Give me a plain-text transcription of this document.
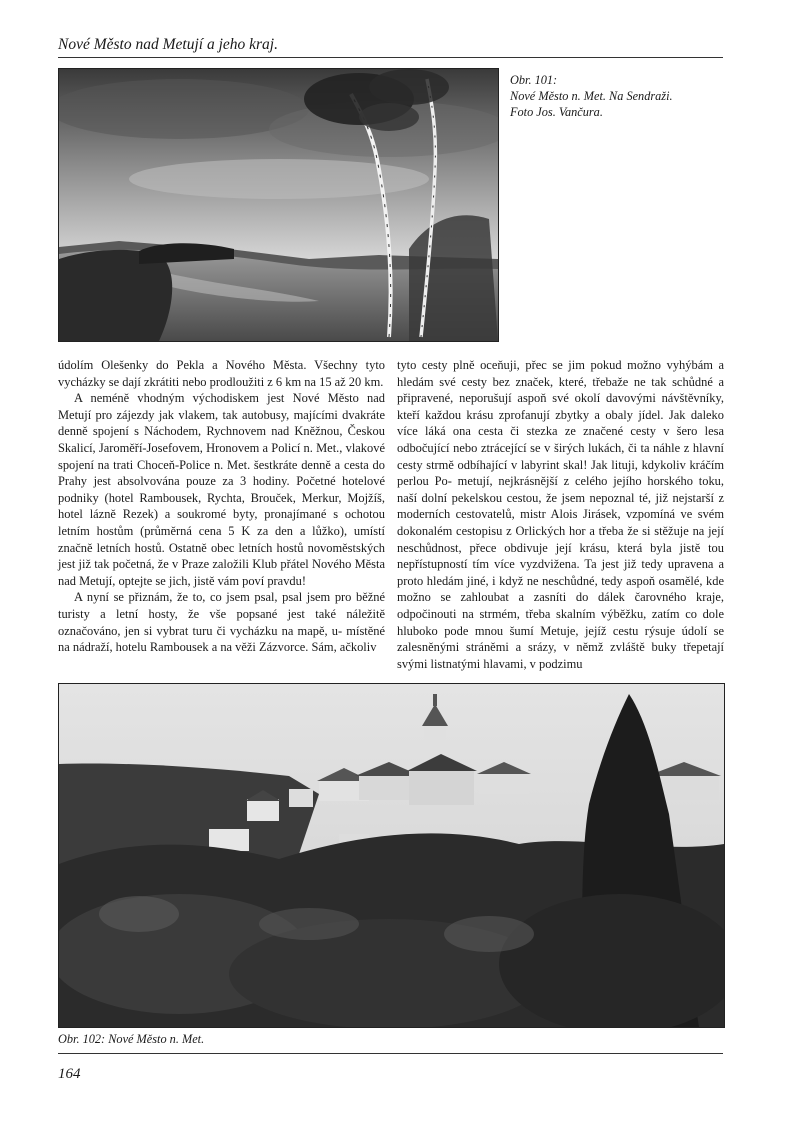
Nové Město nad Metují a jeho kraj.
Obr. 101:
Nové Město n. Met. Na Sendraži.
Foto Jos. Vančura.

údolím Olešenky do Pekla a Nového Města. Všechny tyto vycházky se dají zkrátiti nebo prodloužiti z 6 km na 15 až 20 km.

A neméně vhodným východiskem jest Nové Město nad Metují pro zájezdy jak vlakem, tak autobusy, majícími dvakráte denně spojení s Náchodem, Rychnovem nad Kněžnou, Českou Skalicí, Jaroměří-Josefovem, Hronovem a Policí n. Met., vlakové spojení na trati Choceň-Police n. Met. šestkráte denně a cesta do Prahy jest absolvována pouze za 3 hodiny. Početné hotelové podniky (hotel Rambousek, Rychta, Brouček, Merkur, Mojžíš, hotel lázně Rezek) a soukromé byty, pronajímané s ochotou letním hostům (průměrná cena 5 K za den a lůžko), umístí značně letních hostů. Ostatně obec letních hostů novoměstských jest již tak početná, že v Praze založili Klub přátel Nového Města nad Metují, optejte se jich, jistě vám poví pravdu!

A nyní se přiznám, že to, co jsem psal, psal jsem pro běžné turisty a letní hosty, že vše popsané jest také náležitě označováno, jen si vybrat turu či vycházku na mapě, u- místěné na nádraží, hotelu Rambousek a na věži Zázvorce. Sám, ačkoliv

tyto cesty plně oceňuji, přec se jim pokud možno vyhýbám a hledám své cesty bez značek, které, třebaže ne tak schůdné a připravené, neporušují aspoň své okolí davovými návštěvníky, kteří každou krásu zprofanují zbytky a obaly jídel. Jak daleko více láká ona cesta či stezka ze značené cesty v šero lesa odbočující nebo ztrácející se v širých lukách, či ta náhle z hlavní cesty strmě odbíhající v labyrint skal! Jak lituji, kdykoliv kráčím perlou Po- metují, nejkrásnější z celého jejího horského toku, naší dolní pekelskou cestou, že jsem nepoznal té, již nejstarší z moderních cestovatelů, mistr Alois Jirásek, vzpomíná ve svém dokonalém cestopisu z Orlických hor a třeba že si stěžuje na její neschůdnost, přece obdivuje její krásu, která byla jistě tou nepřístupností tím více vyzdvižena. Ta jest již tedy upravena a proto hledám jiné, i když ne neschůdné, tedy aspoň osamělé, kde možno se zahloubat a zasníti do dálek čarovného kraje, odpočinouti na strmém, třeba skalním výběžku, zatím co dole hluboko pode mnou šumí Metuje, jejíž cestu rýsuje údolí se zalesněnými stráněmi a srázy, v němž zvláště buky třepetají svými listnatými hlavami, v podzimu

Obr. 102: Nové Město n. Met.
164
